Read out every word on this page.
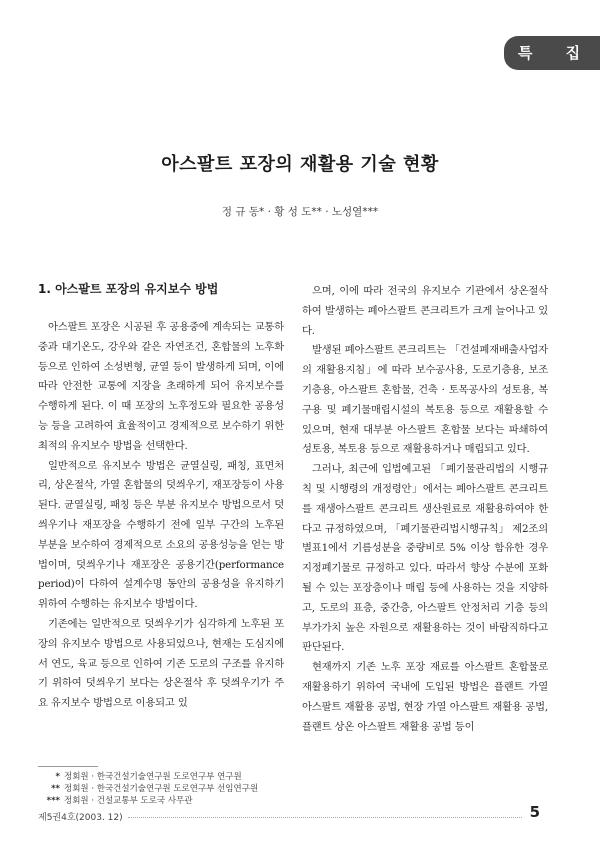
특 집
아스팔트 포장의 재활용 기술 현황
정 규 동* · 황 성 도** · 노성열***
1. 아스팔트 포장의 유지보수 방법

아스팔트 포장은 시공된 후 공용중에 계속되는 교통하중과 대기온도, 강우와 같은 자연조건, 혼합물의 노후화 등으로 인하여 소성변형, 균열 등이 발생하게 되며, 이에 따라 안전한 교통에 지장을 초래하게 되어 유지보수를 수행하게 된다. 이 때 포장의 노후정도와 필요한 공용성능 등을 고려하여 효율적이고 경제적으로 보수하기 위한 최적의 유지보수 방법을 선택한다.

일반적으로 유지보수 방법은 균열실링, 패칭, 표면처리, 상온절삭, 가열 혼합물의 덧씌우기, 재포장등이 사용된다. 균열실링, 패칭 등은 부분 유지보수 방법으로서 덧씌우기나 재포장을 수행하기 전에 일부 구간의 노후된 부분을 보수하여 경제적으로 소요의 공용성능을 얻는 방법이며, 덧씌우기나 재포장은 공용기간(performance period)이 다하여 설계수명 동안의 공용성을 유지하기 위하여 수행하는 유지보수 방법이다.

기존에는 일반적으로 덧씌우기가 심각하게 노후된 포장의 유지보수 방법으로 사용되었으나, 현재는 도심지에서 연도, 육교 등으로 인하여 기존 도로의 구조를 유지하기 위하여 덧씌우기 보다는 상온절삭 후 덧씌우기가 주요 유지보수 방법으로 이용되고 있

으며, 이에 따라 전국의 유지보수 기관에서 상온절삭하여 발생하는 폐아스팔트 콘크리트가 크게 늘어나고 있다.

발생된 폐아스팔트 콘크리트는 「건설폐재배출사업자의 재활용지침」에 따라 보수공사용, 도로기층용, 보조기층용, 아스팔트 혼합물, 건축 · 토목공사의 성토용, 복구용 및 폐기물매립시설의 복토용 등으로 재활용할 수 있으며, 현재 대부분 아스팔트 혼합물 보다는 파쇄하여 성토용, 복토용 등으로 재활용하거나 매립되고 있다.

그러나, 최근에 입법예고된 「폐기물관리법의 시행규칙 및 시행령의 개정령안」에서는 폐아스팔트 콘크리트를 재생아스팔트 콘크리트 생산원료로 재활용하여야 한다고 규정하였으며, 「폐기물관리법시행규칙」 제2조의 별표1에서 기름성분을 중량비로 5% 이상 함유한 경우 지정폐기물로 규정하고 있다. 따라서 향상 수분에 포화될 수 있는 포장층이나 매립 등에 사용하는 것을 지양하고, 도로의 표층, 중간층, 아스팔트 안정처리 기층 등의 부가가치 높은 자원으로 재활용하는 것이 바람직하다고 판단된다.

현재까지 기존 노후 포장 재료를 아스팔트 혼합물로 재활용하기 위하여 국내에 도입된 방법은 플랜트 가열 아스팔트 재활용 공법, 현장 가열 아스팔트 재활용 공법, 플랜트 상온 아스팔트 재활용 공법 등이

* 정회원 · 한국건설기술연구원 도로연구부 연구원
** 정회원 · 한국건설기술연구원 도로연구부 선임연구원
*** 정회원 · 건설교통부 도로국 사무관
제5권4호(2003. 12)	5
